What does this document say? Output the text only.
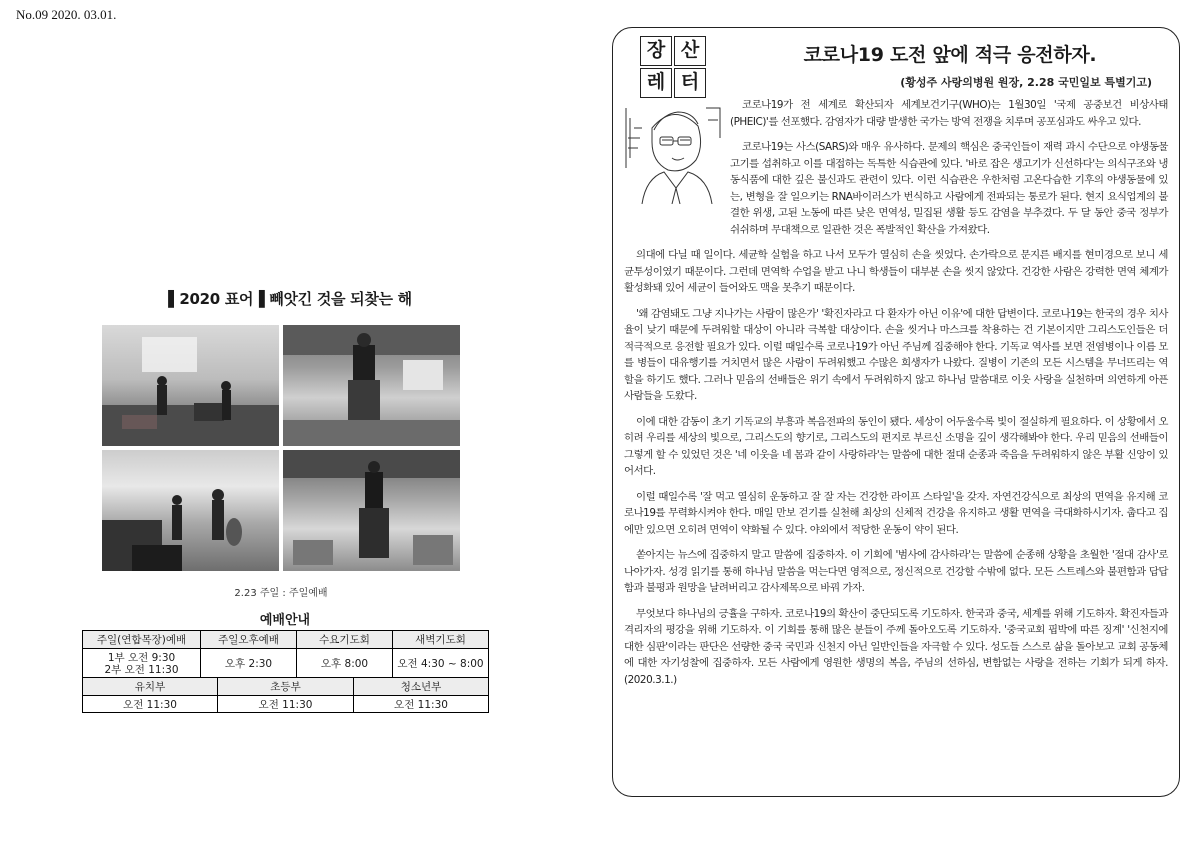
No.09 2020. 03.01.
▌2020 표어▐ 빼앗긴 것을 되찾는 해
2.23 주일 : 주일예배
예배안내
주일(연합목장)예배	주일오후예배	수요기도회	새벽기도회

1부 오전 9:30
2부 오전 11:30	오후 2:30	오후 8:00	오전 4:30 ~ 8:00
유치부	초등부	청소년부
오전 11:30	오전 11:30	오전 11:30
장 산
레 터
코로나19 도전 앞에 적극 응전하자.
(황성주 사랑의병원 원장, 2.28 국민일보 특별기고)

코로나19가 전 세계로 확산되자 세계보건기구(WHO)는 1월30일 '국제 공중보건 비상사태(PHEIC)'를 선포했다. 감염자가 대량 발생한 국가는 방역 전쟁을 치루며 공포심과도 싸우고 있다.

코로나19는 사스(SARS)와 매우 유사하다. 문제의 핵심은 중국인들이 재력 과시 수단으로 야생동물 고기를 섭취하고 이를 대접하는 독특한 식습관에 있다. '바로 잡은 생고기가 신선하다'는 의식구조와 냉동식품에 대한 깊은 불신과도 관련이 있다. 이런 식습관은 우한처럼 고온다습한 기후의 야생동물에 있는, 변형을 잘 일으키는 RNA바이러스가 번식하고 사람에게 전파되는 통로가 된다. 현지 요식업계의 불결한 위생, 고된 노동에 따른 낮은 면역성, 밀집된 생활 등도 감염을 부추겼다. 두 달 동안 중국 정부가 쉬쉬하며 무대책으로 일관한 것은 폭발적인 확산을 가져왔다.

의대에 다닐 때 일이다. 세균학 실험을 하고 나서 모두가 열심히 손을 씻었다. 손가락으로 문지른 배지를 현미경으로 보니 세균투성이였기 때문이다. 그런데 면역학 수업을 받고 나니 학생들이 대부분 손을 씻지 않았다. 건강한 사람은 강력한 면역 체계가 활성화돼 있어 세균이 들어와도 맥을 못추기 때문이다.

'왜 감염돼도 그냥 지나가는 사람이 많은가' '확진자라고 다 환자가 아닌 이유'에 대한 답변이다. 코로나19는 한국의 경우 치사율이 낮기 때문에 두려워할 대상이 아니라 극복할 대상이다. 손을 씻거나 마스크를 착용하는 건 기본이지만 그리스도인들은 더 적극적으로 응전할 필요가 있다. 이럴 때일수록 코로나19가 아닌 주님께 집중해야 한다. 기독교 역사를 보면 전염병이나 이름 모를 병들이 대유행기를 거치면서 많은 사람이 두려워했고 수많은 희생자가 나왔다. 질병이 기존의 모든 시스템을 무너뜨리는 역할을 하기도 했다. 그러나 믿음의 선배들은 위기 속에서 두려워하지 않고 하나님 말씀대로 이웃 사랑을 실천하며 의연하게 아픈 사람들을 도왔다.

이에 대한 감동이 초기 기독교의 부흥과 복음전파의 동인이 됐다. 세상이 어두울수록 빛이 절실하게 필요하다. 이 상황에서 오히려 우리를 세상의 빛으로, 그리스도의 향기로, 그리스도의 편지로 부르신 소명을 깊이 생각해봐야 한다. 우리 믿음의 선배들이 그렇게 할 수 있었던 것은 '네 이웃을 네 몸과 같이 사랑하라'는 말씀에 대한 절대 순종과 죽음을 두려워하지 않은 부활 신앙이 있어서다.

이럴 때일수록 '잘 먹고 열심히 운동하고 잘 잘 자는 건강한 라이프 스타일'을 갖자. 자연건강식으로 최상의 면역을 유지해 코로나19를 무력화시켜야 한다. 매일 만보 걷기를 실천해 최상의 신체적 건강을 유지하고 생활 면역을 극대화하시기자. 춥다고 집에만 있으면 오히려 면역이 약화될 수 있다. 야외에서 적당한 운동이 약이 된다.

쏟아지는 뉴스에 집중하지 말고 말씀에 집중하자. 이 기회에 '범사에 감사하라'는 말씀에 순종해 상황을 초월한 '절대 감사'로 나아가자. 성경 읽기를 통해 하나님 말씀을 먹는다면 영적으로, 정신적으로 건강할 수밖에 없다. 모든 스트레스와 불편함과 답답함과 불평과 원망을 날려버리고 감사제목으로 바꿔 가자.

무엇보다 하나님의 긍휼을 구하자. 코로나19의 확산이 중단되도록 기도하자. 한국과 중국, 세계를 위해 기도하자. 확진자들과 격리자의 평강을 위해 기도하자. 이 기회를 통해 많은 분들이 주께 돌아오도록 기도하자. '중국교회 핍박에 따른 징계' '신천지에 대한 심판'이라는 판단은 선량한 중국 국민과 신천지 아닌 일반인들을 자극할 수 있다. 성도들 스스로 삶을 돌아보고 교회 공동체에 대한 자기성찰에 집중하자. 모든 사람에게 영원한 생명의 복음, 주님의 선하심, 변함없는 사랑을 전하는 기회가 되게 하자.(2020.3.1.)
